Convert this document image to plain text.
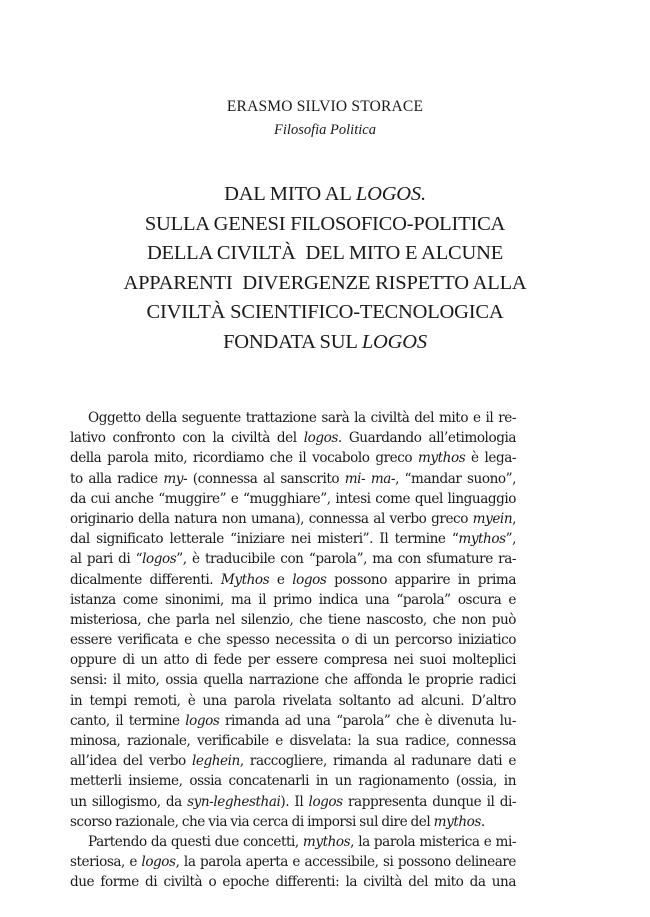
ERASMO SILVIO STORACE
Filosofia Politica
DAL MITO AL LOGOS.
SULLA GENESI FILOSOFICO-POLITICA
DELLA CIVILTÀ  DEL MITO E ALCUNE
APPARENTI  DIVERGENZE RISPETTO ALLA
CIVILTÀ SCIENTIFICO-TECNOLOGICA
FONDATA SUL LOGOS
Oggetto della seguente trattazione sarà la civiltà del mito e il re-
lativo confronto con la civiltà del logos. Guardando all’etimologia
della parola mito, ricordiamo che il vocabolo greco mythos è lega-
to alla radice my- (connessa al sanscrito mi- ma-, “mandar suono”,
da cui anche “muggire” e “mugghiare”, intesi come quel linguaggio
originario della natura non umana), connessa al verbo greco myein,
dal significato letterale “iniziare nei misteri”. Il termine “mythos”,
al pari di “logos”, è traducibile con “parola”, ma con sfumature ra-
dicalmente differenti. Mythos e logos possono apparire in prima
istanza come sinonimi, ma il primo indica una “parola” oscura e
misteriosa, che parla nel silenzio, che tiene nascosto, che non può
essere verificata e che spesso necessita o di un percorso iniziatico
oppure di un atto di fede per essere compresa nei suoi molteplici
sensi: il mito, ossia quella narrazione che affonda le proprie radici
in tempi remoti, è una parola rivelata soltanto ad alcuni. D’altro
canto, il termine logos rimanda ad una “parola” che è divenuta lu-
minosa, razionale, verificabile e disvelata: la sua radice, connessa
all’idea del verbo leghein, raccogliere, rimanda al radunare dati e
metterli insieme, ossia concatenarli in un ragionamento (ossia, in
un sillogismo, da syn-leghesthai). Il logos rappresenta dunque il di-
scorso razionale, che via via cerca di imporsi sul dire del mythos.
Partendo da questi due concetti, mythos, la parola misterica e mi-
steriosa, e logos, la parola aperta e accessibile, si possono delineare
due forme di civiltà o epoche differenti: la civiltà del mito da una
